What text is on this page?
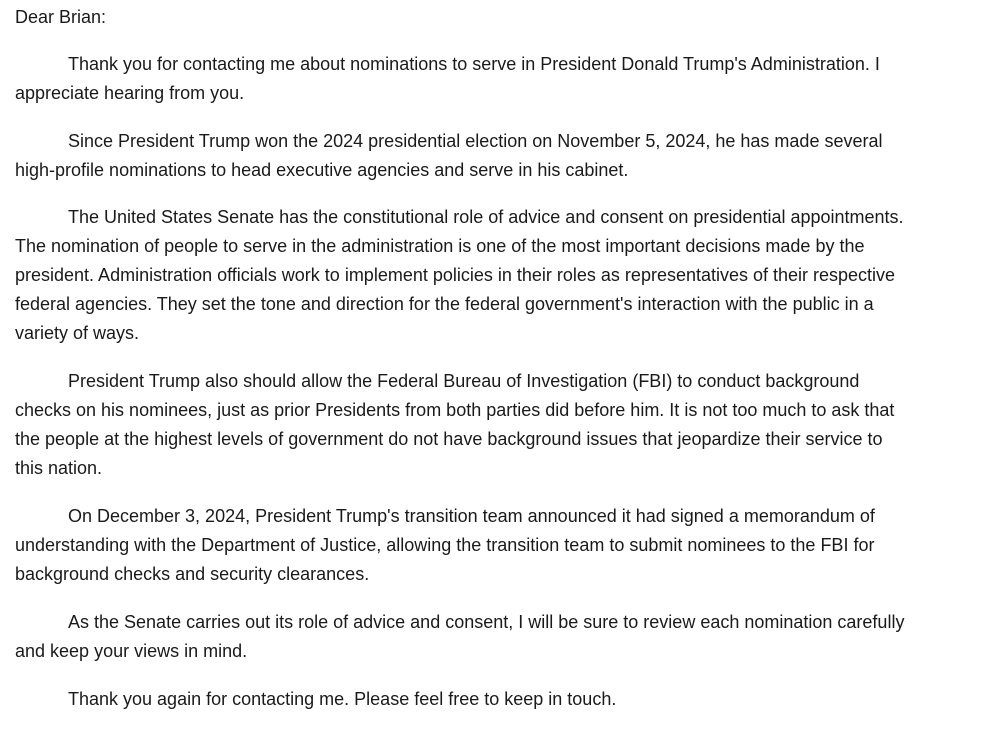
Dear Brian:
Thank you for contacting me about nominations to serve in President Donald Trump's Administration. I
appreciate hearing from you.
Since President Trump won the 2024 presidential election on November 5, 2024, he has made several
high-profile nominations to head executive agencies and serve in his cabinet.
The United States Senate has the constitutional role of advice and consent on presidential appointments.
The nomination of people to serve in the administration is one of the most important decisions made by the
president. Administration officials work to implement policies in their roles as representatives of their respective
federal agencies. They set the tone and direction for the federal government's interaction with the public in a
variety of ways.
President Trump also should allow the Federal Bureau of Investigation (FBI) to conduct background
checks on his nominees, just as prior Presidents from both parties did before him. It is not too much to ask that
the people at the highest levels of government do not have background issues that jeopardize their service to
this nation.
On December 3, 2024, President Trump's transition team announced it had signed a memorandum of
understanding with the Department of Justice, allowing the transition team to submit nominees to the FBI for
background checks and security clearances.
As the Senate carries out its role of advice and consent, I will be sure to review each nomination carefully
and keep your views in mind.
Thank you again for contacting me. Please feel free to keep in touch.
